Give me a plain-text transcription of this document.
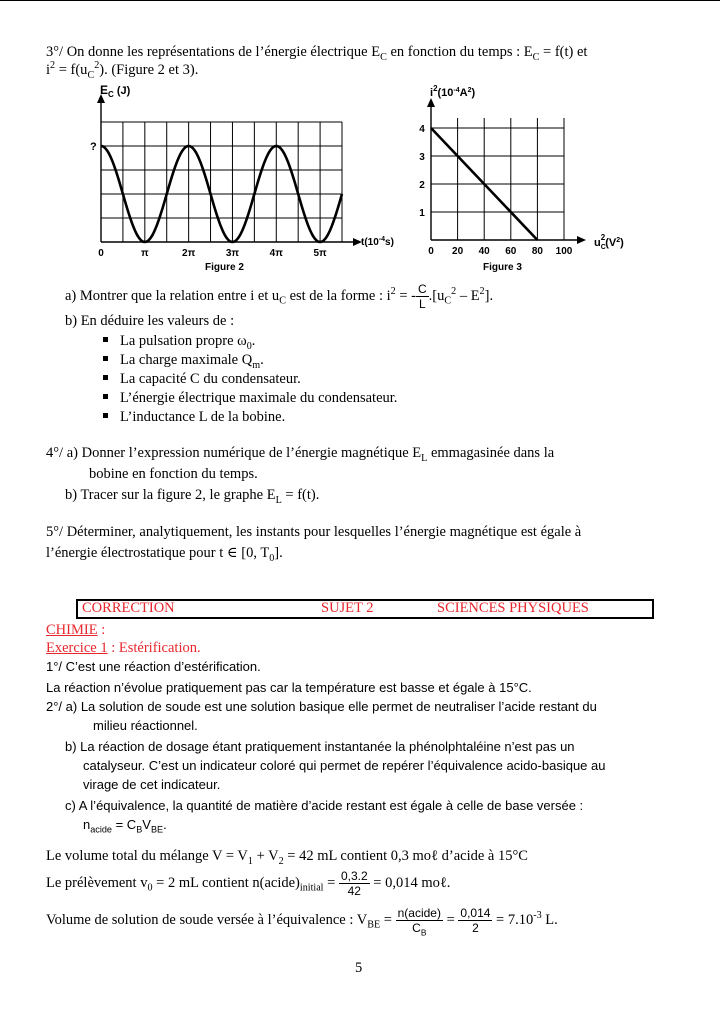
3°/ On donne les représentations de l’énergie électrique $E_C$ en fonction du temps : $E_C = f(t)$ et
$i^2 = f(u_C^2)$. (Figure 2 et 3).
$E_C$ (J)
?
0	π	2π	3π	4π	5π
$t(10^{-4}s)$
Figure 2
$i^2(10^{-4}A^2)$
1
2
3
4
0 20 40 60 80 100
$u_C2(V^2)$
Figure 3
a) Montrer que la relation entre i et $u_C$ est de la forme : $i^2$ = - $\frac{C}{L} .[u_C^2 - E^2]$.
b) En déduire les valeurs de :
La pulsation propre $\omega_0$.
La charge maximale $Q_m$.
La capacité C du condensateur.
L’énergie électrique maximale du condensateur.
L’inductance L de la bobine.
4°/ a) Donner l’expression numérique de l’énergie magnétique $E_L$ emmagasinée dans la
bobine en fonction du temps.
b) Tracer sur la figure 2, le graphe $E_L = f(t)$.
5°/ Déterminer, analytiquement, les instants pour lesquelles l’énergie magnétique est égale à
l’énergie électrostatique pour t ∈ [0, $T_0$].
CORRECTION	SUJET 2	SCIENCES PHYSIQUES
CHIMIE :
Exercice 1 : Estérification.
1°/ C’est une réaction d’estérification.
La réaction n’évolue pratiquement pas car la température est basse et égale à 15°C.
2°/ a) La solution de soude est une solution basique elle permet de neutraliser l’acide restant du
milieu réactionnel.
b) La réaction de dosage étant pratiquement instantanée la phénolphtaléine n’est pas un
catalyseur. C’est un indicateur coloré qui permet de repérer l’équivalence acido-basique au
virage de cet indicateur.
c) A l’équivalence, la quantité de matière d’acide restant est égale à celle de base versée :
$n_{acide} = C_BV_{BE}$.
Le volume total du mélange $V = V_1 + V_2 = 42$ mL contient 0,3 moℓ d’acide à 15°C
Le prélèvement $v_0 = 2$ mL contient $n(acide)_{initial} = \frac{0,3.2}{42} = 0,014$ moℓ.
Volume de solution de soude versée à l’équivalence : $V_{BE} = \frac{\text{n(acide)}}{C_B} = \frac{0,014}{2} = 7.10^{-3}$ L.
5
